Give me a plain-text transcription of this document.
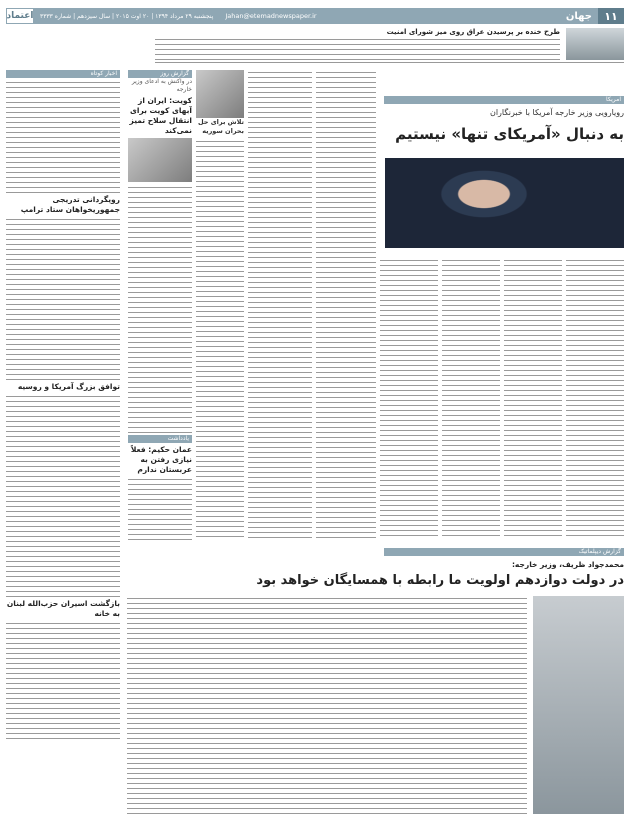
۱۱
جهان
Jahan@etemadnewspaper.ir
پنجشنبه ۲۹ مرداد ۱۳۹۴ | ۲۰ اوت ۲۰۱۵ | سال سیزدهم | شماره ۳۳۳۳
اعتماد
طرح خنده بر پرسیدن عراق روی میز شورای امنیت
آمریکا
رویارویی وزیر خارجه آمریکا با خبرنگاران
به دنبال «آمریکای تنها» نیستیم
تلاش برای حل بحران سوریه
گزارش روز
در واکنش به ادعای وزیر خارجه
کویت: ایران از آبهای کویت برای انتقال سلاح تمیز نمی‌کند
یادداشت
عمان حکیم: فعلاً نیازی رفتن به عربستان ندارم
اخبار کوتاه
رویگردانی تدریجی جمهوریخواهان ستاد ترامپ
توافق بزرگ آمریکا و روسیه
بازگشت اسیران حزب‌الله لبنان به خانه
گزارش دیپلماتیک
محمدجواد ظریف، وزیر خارجه:
در دولت دوازدهم اولویت ما رابطه با همسایگان خواهد بود
